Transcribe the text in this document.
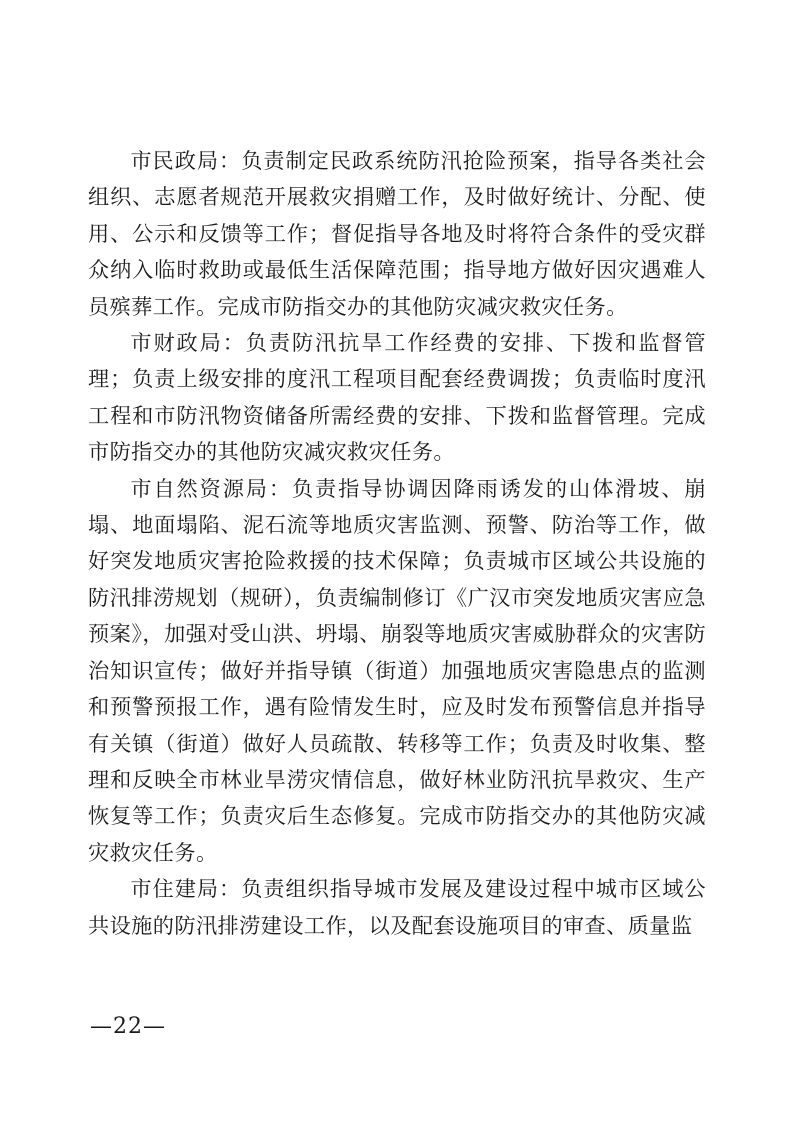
市民政局：负责制定民政系统防汛抢险预案，指导各类社会组织、志愿者规范开展救灾捐赠工作，及时做好统计、分配、使用、公示和反馈等工作；督促指导各地及时将符合条件的受灾群众纳入临时救助或最低生活保障范围；指导地方做好因灾遇难人员殡葬工作。完成市防指交办的其他防灾减灾救灾任务。

市财政局：负责防汛抗旱工作经费的安排、下拨和监督管理；负责上级安排的度汛工程项目配套经费调拨；负责临时度汛工程和市防汛物资储备所需经费的安排、下拨和监督管理。完成市防指交办的其他防灾减灾救灾任务。

市自然资源局：负责指导协调因降雨诱发的山体滑坡、崩塌、地面塌陷、泥石流等地质灾害监测、预警、防治等工作，做好突发地质灾害抢险救援的技术保障；负责城市区域公共设施的防汛排涝规划（规研），负责编制修订《广汉市突发地质灾害应急预案》，加强对受山洪、坍塌、崩裂等地质灾害威胁群众的灾害防治知识宣传；做好并指导镇（街道）加强地质灾害隐患点的监测和预警预报工作，遇有险情发生时，应及时发布预警信息并指导有关镇（街道）做好人员疏散、转移等工作；负责及时收集、整理和反映全市林业旱涝灾情信息，做好林业防汛抗旱救灾、生产恢复等工作；负责灾后生态修复。完成市防指交办的其他防灾减灾救灾任务。

市住建局：负责组织指导城市发展及建设过程中城市区域公共设施的防汛排涝建设工作，以及配套设施项目的审查、质量监

—22—
